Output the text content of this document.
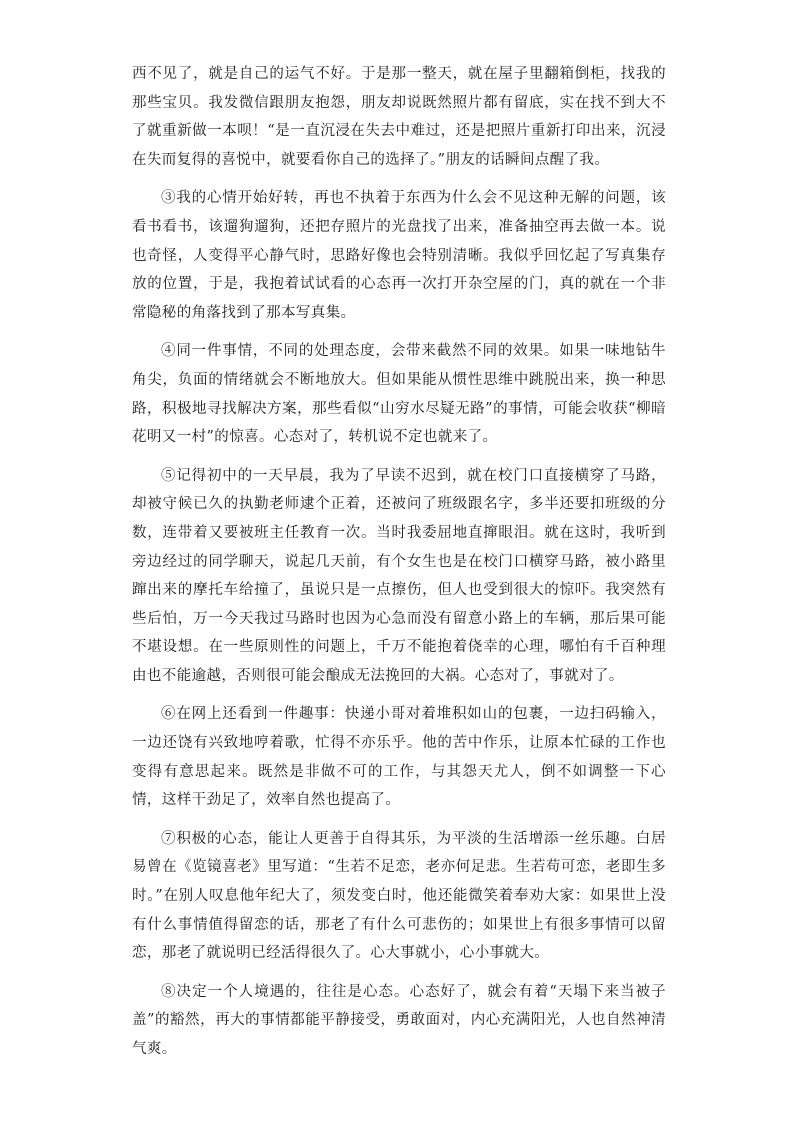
西不见了，就是自己的运气不好。于是那一整天，就在屋子里翻箱倒柜，找我的那些宝贝。我发微信跟朋友抱怨，朋友却说既然照片都有留底，实在找不到大不了就重新做一本呗！“是一直沉浸在失去中难过，还是把照片重新打印出来，沉浸在失而复得的喜悦中，就要看你自己的选择了。”朋友的话瞬间点醒了我。

③我的心情开始好转，再也不执着于东西为什么会不见这种无解的问题，该看书看书，该遛狗遛狗，还把存照片的光盘找了出来，准备抽空再去做一本。说也奇怪，人变得平心静气时，思路好像也会特别清晰。我似乎回忆起了写真集存放的位置，于是，我抱着试试看的心态再一次打开杂空屋的门，真的就在一个非常隐秘的角落找到了那本写真集。

④同一件事情，不同的处理态度，会带来截然不同的效果。如果一味地钻牛角尖，负面的情绪就会不断地放大。但如果能从惯性思维中跳脱出来，换一种思路，积极地寻找解决方案，那些看似“山穷水尽疑无路”的事情，可能会收获“柳暗花明又一村”的惊喜。心态对了，转机说不定也就来了。

⑤记得初中的一天早晨，我为了早读不迟到，就在校门口直接横穿了马路，却被守候已久的执勤老师逮个正着，还被问了班级跟名字，多半还要扣班级的分数，连带着又要被班主任教育一次。当时我委屈地直撺眼泪。就在这时，我听到旁边经过的同学聊天，说起几天前，有个女生也是在校门口横穿马路，被小路里蹿出来的摩托车给撞了，虽说只是一点擦伤，但人也受到很大的惊吓。我突然有些后怕，万一今天我过马路时也因为心急而没有留意小路上的车辆，那后果可能不堪设想。在一些原则性的问题上，千万不能抱着侥幸的心理，哪怕有千百种理由也不能逾越，否则很可能会酿成无法挽回的大祸。心态对了，事就对了。

⑥在网上还看到一件趣事：快递小哥对着堆积如山的包裹，一边扫码输入，一边还饶有兴致地哼着歌，忙得不亦乐乎。他的苦中作乐，让原本忙碌的工作也变得有意思起来。既然是非做不可的工作，与其怨天尤人，倒不如调整一下心情，这样干劲足了，效率自然也提高了。

⑦积极的心态，能让人更善于自得其乐，为平淡的生活增添一丝乐趣。白居易曾在《览镜喜老》里写道：“生若不足恋，老亦何足悲。生若苟可恋，老即生多时。”在别人叹息他年纪大了，须发变白时，他还能微笑着奉劝大家：如果世上没有什么事情值得留恋的话，那老了有什么可悲伤的；如果世上有很多事情可以留恋，那老了就说明已经活得很久了。心大事就小，心小事就大。

⑧决定一个人境遇的，往往是心态。心态好了，就会有着“天塌下来当被子盖”的豁然，再大的事情都能平静接受，勇敢面对，内心充满阳光，人也自然神清气爽。
